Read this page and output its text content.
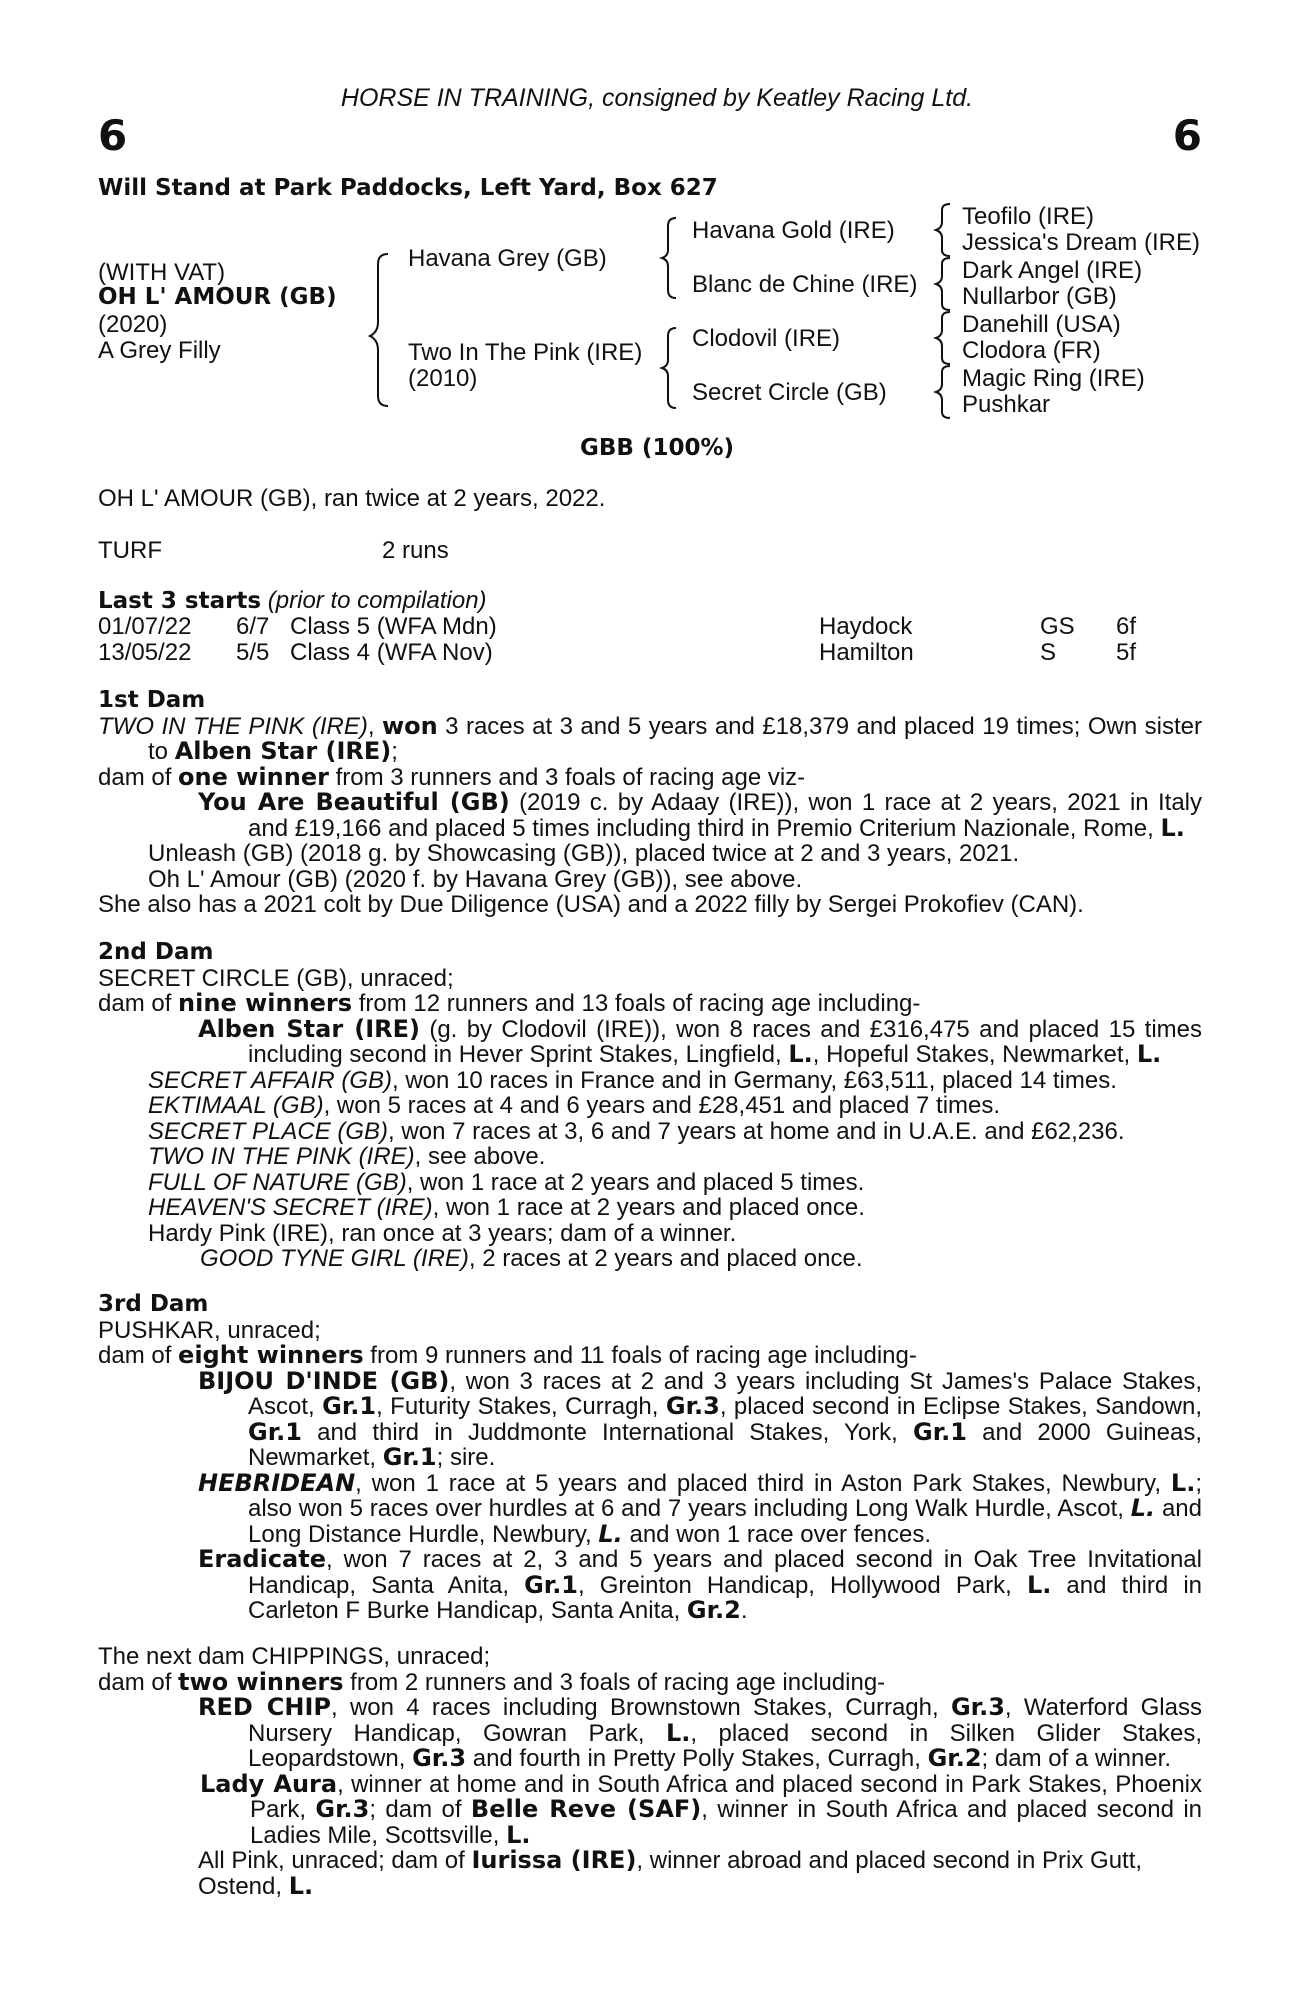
HORSE IN TRAINING, consigned by Keatley Racing Ltd.
6	6
Will Stand at Park Paddocks, Left Yard, Box 627
(WITH VAT)
OH L' AMOUR (GB)
(2020)
A Grey Filly
Havana Grey (GB)
Two In The Pink (IRE)
(2010)
Havana Gold (IRE)
Blanc de Chine (IRE)
Clodovil (IRE)
Secret Circle (GB)
Teofilo (IRE)
Jessica's Dream (IRE)
Dark Angel (IRE)
Nullarbor (GB)
Danehill (USA)
Clodora (FR)
Magic Ring (IRE)
Pushkar
GBB (100%)
OH L' AMOUR (GB), ran twice at 2 years, 2022.
TURF	2 runs
Last 3 starts (prior to compilation)
01/07/22 6/7 Class 5 (WFA Mdn)	Haydock	GS 6f
13/05/22 5/5 Class 4 (WFA Nov)	Hamilton	S 5f
1st Dam
TWO IN THE PINK (IRE), won 3 races at 3 and 5 years and £18,379 and placed 19 times; Own sister to Alben Star (IRE);
dam of one winner from 3 runners and 3 foals of racing age viz-
You Are Beautiful (GB) (2019 c. by Adaay (IRE)), won 1 race at 2 years, 2021 in Italy and £19,166 and placed 5 times including third in Premio Criterium Nazionale, Rome, L.
Unleash (GB) (2018 g. by Showcasing (GB)), placed twice at 2 and 3 years, 2021.
Oh L' Amour (GB) (2020 f. by Havana Grey (GB)), see above.
She also has a 2021 colt by Due Diligence (USA) and a 2022 filly by Sergei Prokofiev (CAN).
2nd Dam
SECRET CIRCLE (GB), unraced;
dam of nine winners from 12 runners and 13 foals of racing age including-
Alben Star (IRE) (g. by Clodovil (IRE)), won 8 races and £316,475 and placed 15 times including second in Hever Sprint Stakes, Lingfield, L., Hopeful Stakes, Newmarket, L.
SECRET AFFAIR (GB), won 10 races in France and in Germany, £63,511, placed 14 times.
EKTIMAAL (GB), won 5 races at 4 and 6 years and £28,451 and placed 7 times.
SECRET PLACE (GB), won 7 races at 3, 6 and 7 years at home and in U.A.E. and £62,236.
TWO IN THE PINK (IRE), see above.
FULL OF NATURE (GB), won 1 race at 2 years and placed 5 times.
HEAVEN'S SECRET (IRE), won 1 race at 2 years and placed once.
Hardy Pink (IRE), ran once at 3 years; dam of a winner.
GOOD TYNE GIRL (IRE), 2 races at 2 years and placed once.
3rd Dam
PUSHKAR, unraced;
dam of eight winners from 9 runners and 11 foals of racing age including-
BIJOU D'INDE (GB), won 3 races at 2 and 3 years including St James's Palace Stakes, Ascot, Gr.1, Futurity Stakes, Curragh, Gr.3, placed second in Eclipse Stakes, Sandown, Gr.1 and third in Juddmonte International Stakes, York, Gr.1 and 2000 Guineas, Newmarket, Gr.1; sire.
HEBRIDEAN, won 1 race at 5 years and placed third in Aston Park Stakes, Newbury, L.; also won 5 races over hurdles at 6 and 7 years including Long Walk Hurdle, Ascot, L. and Long Distance Hurdle, Newbury, L. and won 1 race over fences.
Eradicate, won 7 races at 2, 3 and 5 years and placed second in Oak Tree Invitational Handicap, Santa Anita, Gr.1, Greinton Handicap, Hollywood Park, L. and third in Carleton F Burke Handicap, Santa Anita, Gr.2.
The next dam CHIPPINGS, unraced;
dam of two winners from 2 runners and 3 foals of racing age including-
RED CHIP, won 4 races including Brownstown Stakes, Curragh, Gr.3, Waterford Glass Nursery Handicap, Gowran Park, L., placed second in Silken Glider Stakes, Leopardstown, Gr.3 and fourth in Pretty Polly Stakes, Curragh, Gr.2; dam of a winner.
Lady Aura, winner at home and in South Africa and placed second in Park Stakes, Phoenix Park, Gr.3; dam of Belle Reve (SAF), winner in South Africa and placed second in Ladies Mile, Scottsville, L.
All Pink, unraced; dam of Iurissa (IRE), winner abroad and placed second in Prix Gutt, Ostend, L.
